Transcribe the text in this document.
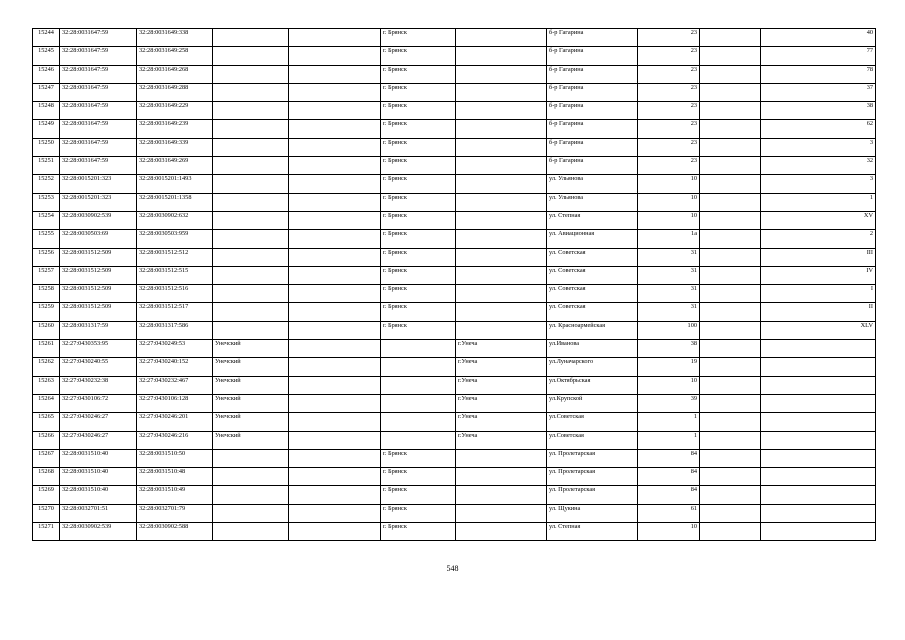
15244	32:28:0031647:59	32:28:0031649:338			г. Брянск		б-р Гагарина	23		40
15245	32:28:0031647:59	32:28:0031649:258			г. Брянск		б-р Гагарина	23		77
15246	32:28:0031647:59	32:28:0031649:268			г. Брянск		б-р Гагарина	23		78
15247	32:28:0031647:59	32:28:0031649:288			г. Брянск		б-р Гагарина	23		37
15248	32:28:0031647:59	32:28:0031649:229			г. Брянск		б-р Гагарина	23		38
15249	32:28:0031647:59	32:28:0031649:239			г. Брянск		б-р Гагарина	23		62
15250	32:28:0031647:59	32:28:0031649:339			г. Брянск		б-р Гагарина	23		3
15251	32:28:0031647:59	32:28:0031649:269			г. Брянск		б-р Гагарина	23		32
15252	32:28:0015201:323	32:28:0015201:1493			г. Брянск		ул. Ульянова	10		3
15253	32:28:0015201:323	32:28:0015201:1358			г. Брянск		ул. Ульянова	10		1
15254	32:28:0030902:539	32:28:0030902:632			г. Брянск		ул. Степная	10		XV
15255	32:28:0030503:69	32:28:0030503:959			г. Брянск		ул. Авиационная	1а		2
15256	32:28:0031512:509	32:28:0031512:512			г. Брянск		ул. Советская	31		III
15257	32:28:0031512:509	32:28:0031512:515			г. Брянск		ул. Советская	31		IV
15258	32:28:0031512:509	32:28:0031512:516			г. Брянск		ул. Советская	31		I
15259	32:28:0031512:509	32:28:0031512:517			г. Брянск		ул. Советская	31		II
15260	32:28:0031317:59	32:28:0031317:586			г. Брянск		ул. Красноармейская	100		XLV
15261	32:27:0430353:95	32:27:0430249:53	Унечский			г.Унеча	ул.Иванова	38		
15262	32:27:0430240:55	32:27:0430240:152	Унечский			г.Унеча	ул.Луначарского	19		
15263	32:27:0430232:38	32:27:0430232:467	Унечский			г.Унеча	ул.Октябрьская	10		
15264	32:27:0430106:72	32:27:0430106:128	Унечский			г.Унеча	ул.Крупской	39		
15265	32:27:0430246:27	32:27:0430246:201	Унечский			г.Унеча	ул.Советская	1		
15266	32:27:0430246:27	32:27:0430246:216	Унечский			г.Унеча	ул.Советская	1		
15267	32:28:0031510:40	32:28:0031510:50			г. Брянск		ул. Пролетарская	84		
15268	32:28:0031510:40	32:28:0031510:48			г. Брянск		ул. Пролетарская	84		
15269	32:28:0031510:40	32:28:0031510:49			г. Брянск		ул. Пролетарская	84		
15270	32:28:0032701:51	32:28:0032701:79			г. Брянск		ул. Щукина	61		
15271	32:28:0030902:539	32:28:0030902:588			г. Брянск		ул. Степная	10		
548
